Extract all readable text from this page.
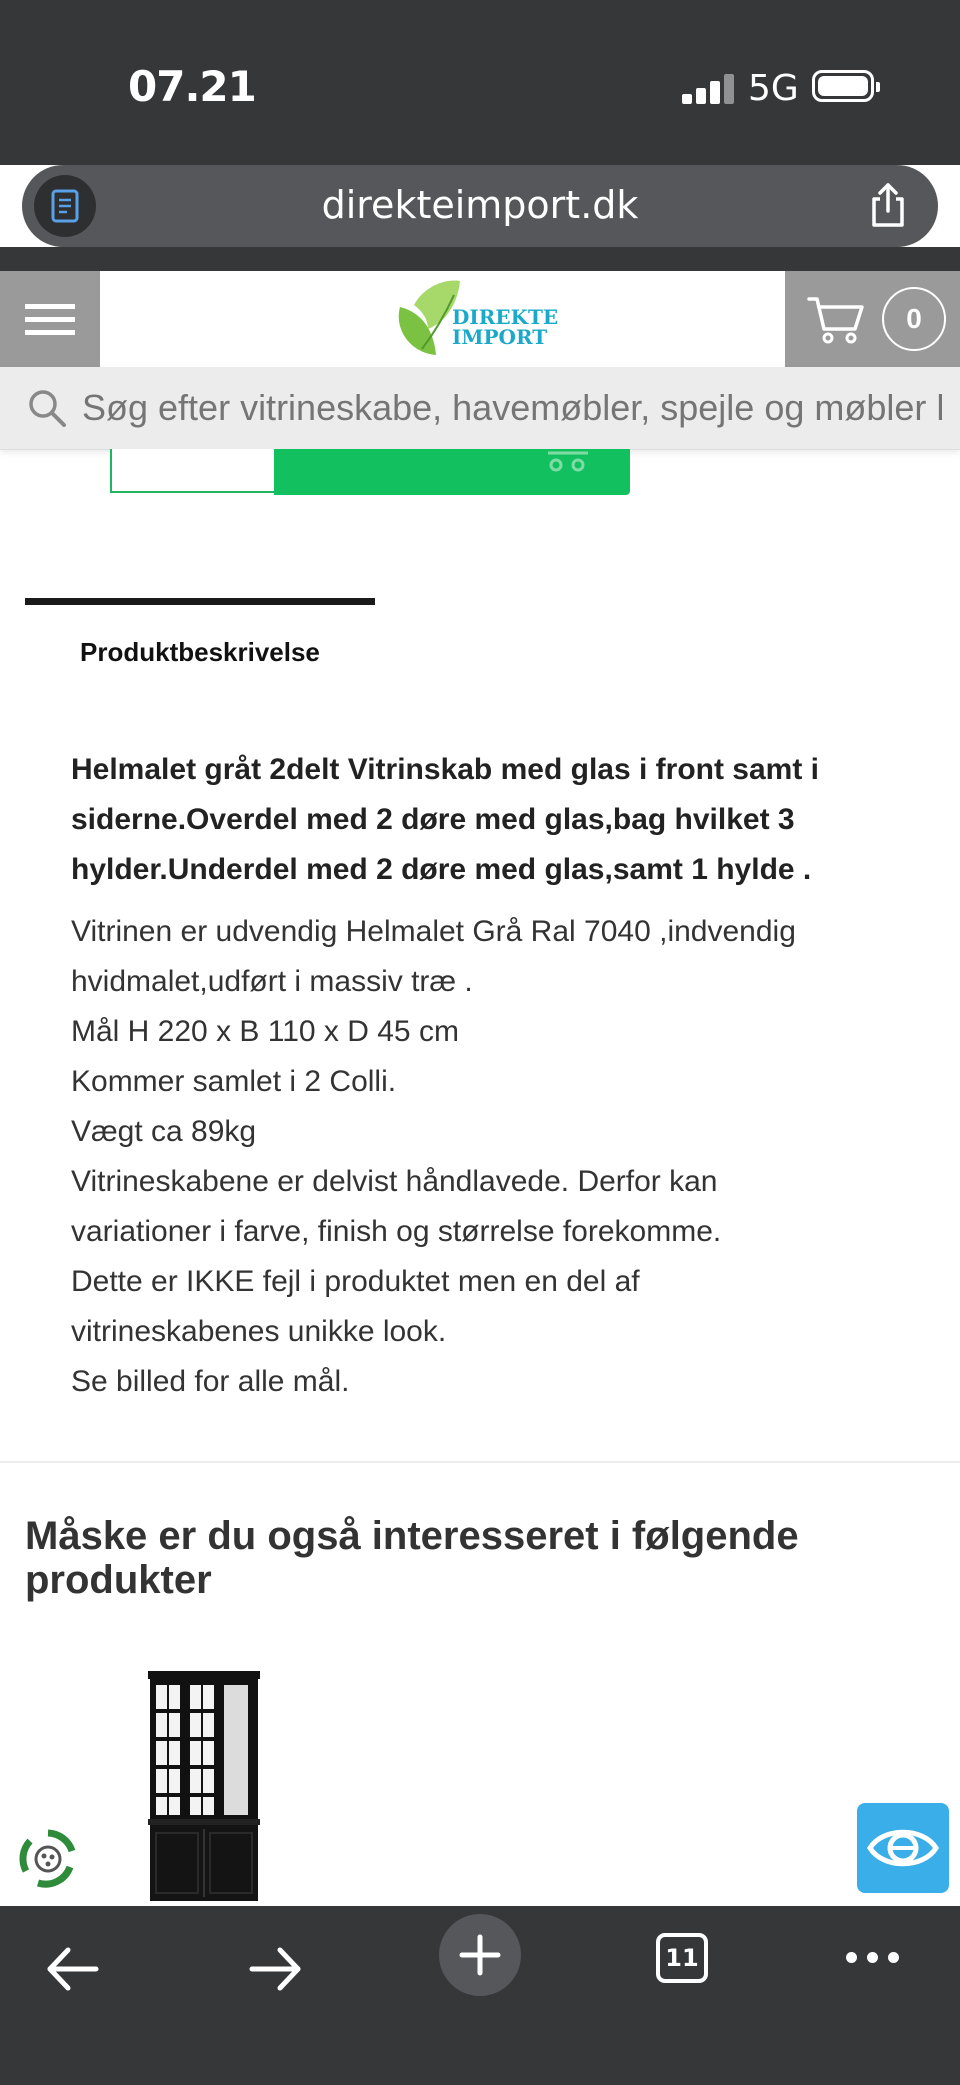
07.21	5G
direkteimport.dk
DIREKTE
IMPORT
0
Søg efter vitrineskabe, havemøbler, spejle og møbler h
Produktbeskrivelse

Helmalet gråt 2delt Vitrinskab med glas i front samt i

siderne.Overdel med 2 døre med glas,bag hvilket 3

hylder.Underdel med 2 døre med glas,samt 1 hylde .

Vitrinen er udvendig Helmalet Grå Ral 7040 ,indvendig

hvidmalet,udført i massiv træ .

Mål H 220 x B 110 x D 45 cm

Kommer samlet i 2 Colli.

Vægt ca 89kg

Vitrineskabene er delvist håndlavede. Derfor kan

variationer i farve, finish og størrelse forekomme.

Dette er IKKE fejl i produktet men en del af

vitrineskabenes unikke look.

Se billed for alle mål.

Måske er du også interesseret i følgende produkter
11
